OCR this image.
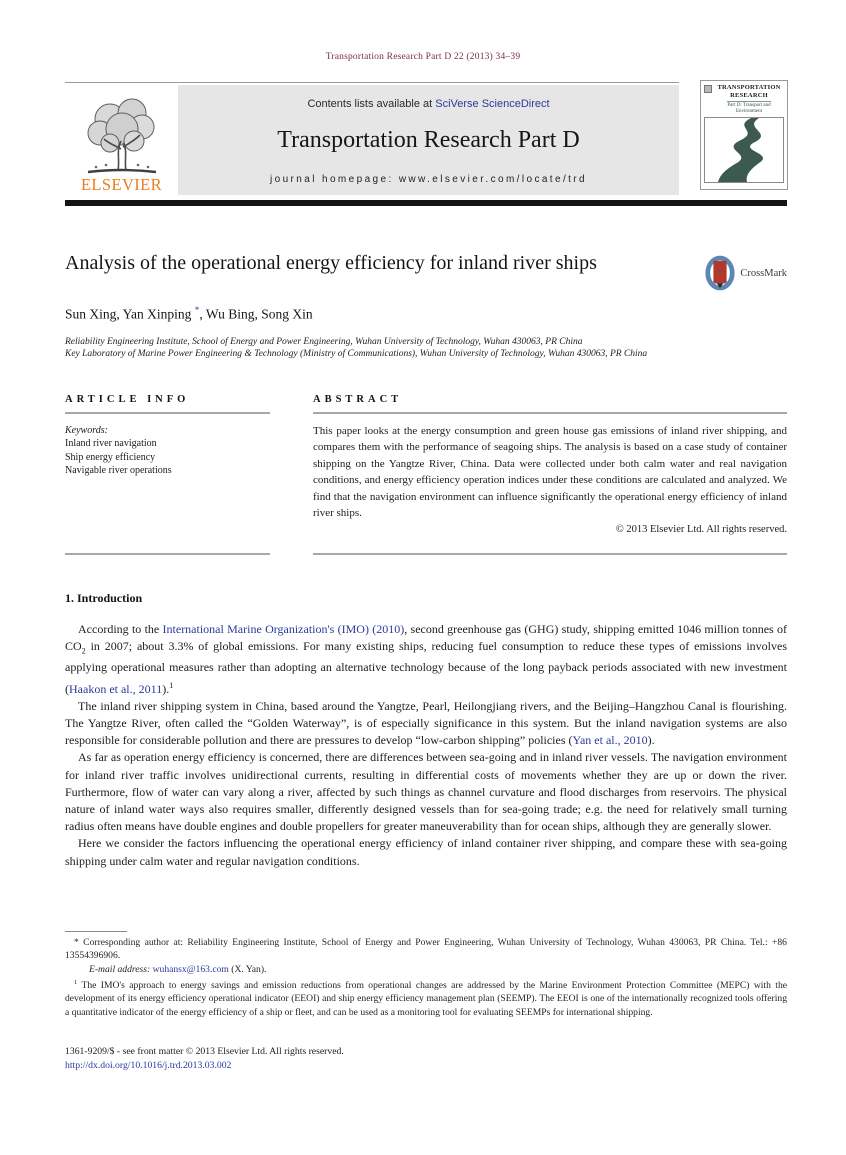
Transportation Research Part D 22 (2013) 34–39
ELSEVIER
Contents lists available at SciVerse ScienceDirect
Transportation Research Part D
journal homepage: www.elsevier.com/locate/trd
TRANSPORTATION
RESEARCH
Part D: Transport and Environment
Analysis of the operational energy efficiency for inland river ships	CrossMark
Sun Xing, Yan Xinping *, Wu Bing, Song Xin
Reliability Engineering Institute, School of Energy and Power Engineering, Wuhan University of Technology, Wuhan 430063, PR China
Key Laboratory of Marine Power Engineering & Technology (Ministry of Communications), Wuhan University of Technology, Wuhan 430063, PR China
ARTICLE INFO
Keywords:
Inland river navigation
Ship energy efficiency
Navigable river operations
ABSTRACT
This paper looks at the energy consumption and green house gas emissions of inland river shipping, and compares them with the performance of seagoing ships. The analysis is based on a case study of container shipping on the Yangtze River, China. Data were collected under both calm water and real navigation conditions, and energy efficiency operation indices under these conditions are calculated and analyzed. We find that the navigation environment can influence significantly the operational energy efficiency of inland river ships.
© 2013 Elsevier Ltd. All rights reserved.
1. Introduction

According to the International Marine Organization's (IMO) (2010), second greenhouse gas (GHG) study, shipping emitted 1046 million tonnes of $CO_2$ in 2007; about 3.3% of global emissions. For many existing ships, reducing fuel consumption to reduce these types of emissions involves applying operational measures rather than adopting an alternative technology because of the long payback periods associated with new investment (Haakon et al., 2011).$^1$

The inland river shipping system in China, based around the Yangtze, Pearl, Heilongjiang rivers, and the Beijing–Hangzhou Canal is flourishing. The Yangtze River, often called the “Golden Waterway”, is of especially significance in this system. But the inland navigation systems are also responsible for considerable pollution and there are pressures to develop “low-carbon shipping” policies (Yan et al., 2010).

As far as operation energy efficiency is concerned, there are differences between sea-going and in inland river vessels. The navigation environment for inland river traffic involves unidirectional currents, resulting in differential costs of movements whether they are up or down the river. Furthermore, flow of water can vary along a river, affected by such things as channel curvature and flood discharges from reservoirs. The physical nature of inland water ways also requires smaller, differently designed vessels than for sea-going trade; e.g. the need for relatively small turning radius often means have double engines and double propellers for greater maneuverability than for ocean ships, although they are generally slower.

Here we consider the factors influencing the operational energy efficiency of inland container river shipping, and compare these with sea-going shipping under calm water and regular navigation conditions.

* Corresponding author at: Reliability Engineering Institute, School of Energy and Power Engineering, Wuhan University of Technology, Wuhan 430063, PR China. Tel.: +86 13554396906.

E-mail address: wuhansx@163.com (X. Yan).

$^1$ The IMO's approach to energy savings and emission reductions from operational changes are addressed by the Marine Environment Protection Committee (MEPC) with the development of its energy efficiency operational indicator (EEOI) and ship energy efficiency management plan (SEEMP). The EEOI is one of the internationally recognized tools offering a quantitative indicator of the energy efficiency of a ship or fleet, and can be used as a monitoring tool for evaluating SEEMPs for international shipping.

1361-9209/$ - see front matter © 2013 Elsevier Ltd. All rights reserved.
http://dx.doi.org/10.1016/j.trd.2013.03.002
